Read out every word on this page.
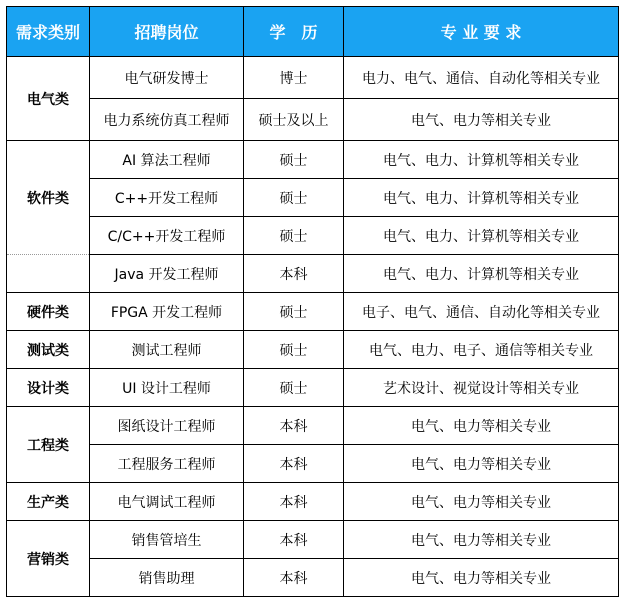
需求类别	招聘岗位	学　历	专 业 要 求
电气类	电气研发博士	博士	电力、电气、通信、自动化等相关专业
	电力系统仿真工程师	硕士及以上	电气、电力等相关专业
软件类	AI 算法工程师	硕士	电气、电力、计算机等相关专业
	C++开发工程师	硕士	电气、电力、计算机等相关专业
	C/C++开发工程师	硕士	电气、电力、计算机等相关专业
	Java 开发工程师	本科	电气、电力、计算机等相关专业
硬件类	FPGA 开发工程师	硕士	电子、电气、通信、自动化等相关专业
测试类	测试工程师	硕士	电气、电力、电子、通信等相关专业
设计类	UI 设计工程师	硕士	艺术设计、视觉设计等相关专业
工程类	图纸设计工程师	本科	电气、电力等相关专业
	工程服务工程师	本科	电气、电力等相关专业
生产类	电气调试工程师	本科	电气、电力等相关专业
营销类	销售管培生	本科	电气、电力等相关专业
	销售助理	本科	电气、电力等相关专业
